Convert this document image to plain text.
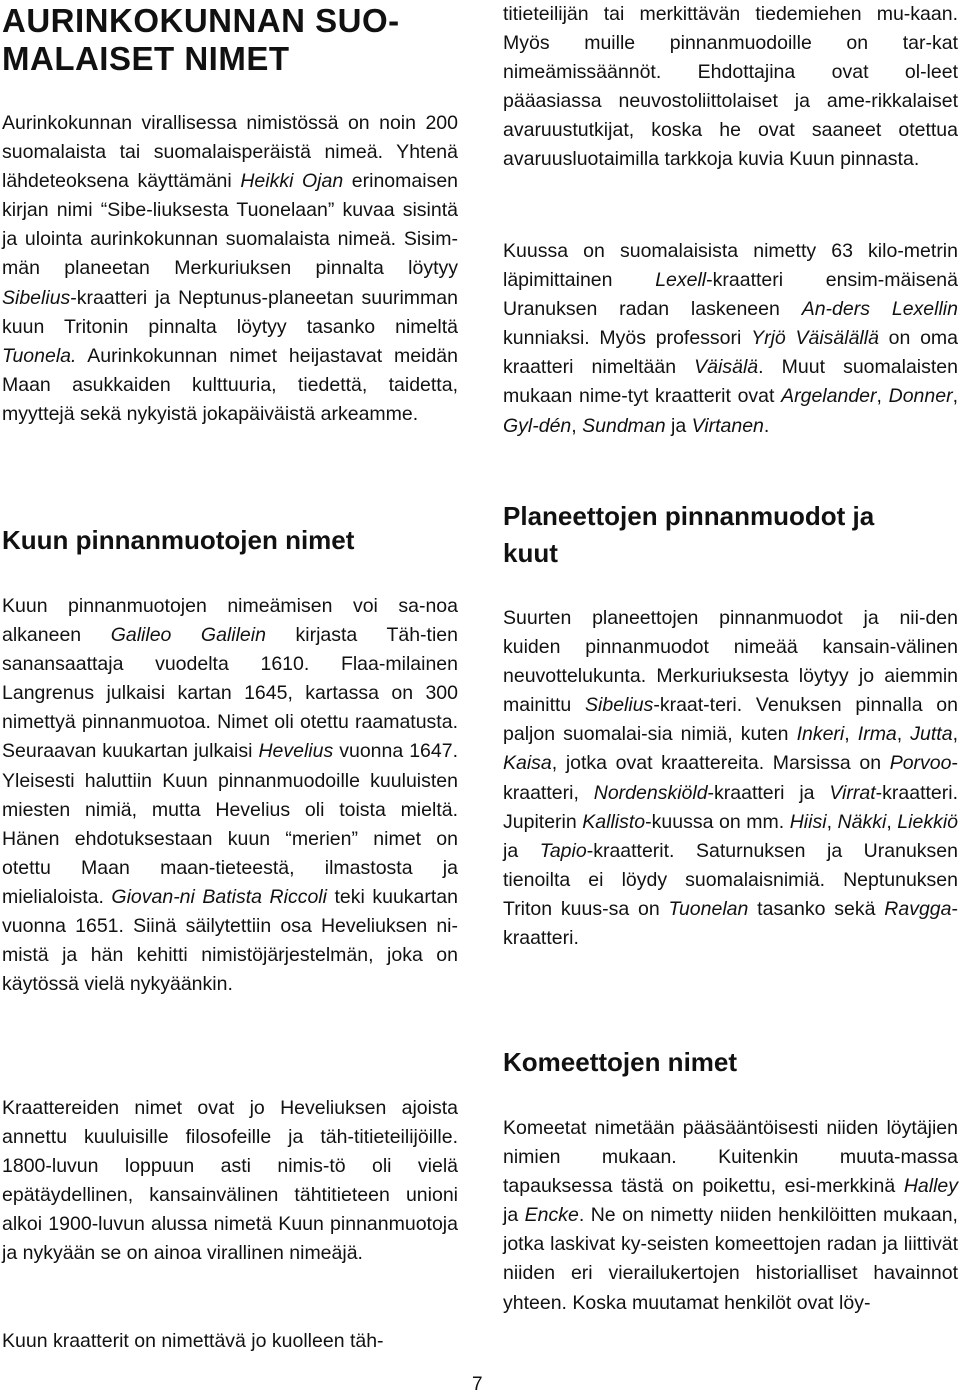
AURINKOKUNNAN SUO-
MALAISET NIMET

Aurinkokunnan virallisessa nimistössä on noin 200 suomalaista tai suomalaisperäistä nimeä. Yhtenä lähdeteoksena käyttämäni Heikki Ojan erinomaisen kirjan nimi “Sibe-liuksesta Tuonelaan” kuvaa sisintä ja ulointa aurinkokunnan suomalaista nimeä. Sisim-män planeetan Merkuriuksen pinnalta löytyy Sibelius-kraatteri ja Neptunus-planeetan suurimman kuun Tritonin pinnalta löytyy tasanko nimeltä Tuonela. Aurinkokunnan nimet heijastavat meidän Maan asukkaiden kulttuuria, tiedettä, taidetta, myyttejä sekä nykyistä jokapäiväistä arkeamme.

Kuun pinnanmuotojen nimet

Kuun pinnanmuotojen nimeämisen voi sa-noa alkaneen Galileo Galilein kirjasta Täh-tien sanansaattaja vuodelta 1610. Flaa-milainen Langrenus julkaisi kartan 1645, kartassa on 300 nimettyä pinnanmuotoa. Nimet oli otettu raamatusta. Seuraavan kuukartan julkaisi Hevelius vuonna 1647. Yleisesti haluttiin Kuun pinnanmuodoille kuuluisten miesten nimiä, mutta Hevelius oli toista mieltä. Hänen ehdotuksestaan kuun “merien” nimet on otettu Maan maan-tieteestä, ilmastosta ja mielialoista. Giovan-ni Batista Riccoli teki kuukartan vuonna 1651. Siinä säilytettiin osa Heveliuksen ni-mistä ja hän kehitti nimistöjärjestelmän, joka on käytössä vielä nykyäänkin.

Kraattereiden nimet ovat jo Heveliuksen ajoista annettu kuuluisille filosofeille ja täh-titieteilijöille. 1800-luvun loppuun asti nimis-tö oli vielä epätäydellinen, kansainvälinen tähtitieteen unioni alkoi 1900-luvun alussa nimetä Kuun pinnanmuotoja ja nykyään se on ainoa virallinen nimeäjä.

Kuun kraatterit on nimettävä jo kuolleen täh-

titieteilijän tai merkittävän tiedemiehen mu-kaan. Myös muille pinnanmuodoille on tar-kat nimeämissäännöt. Ehdottajina ovat ol-leet pääasiassa neuvostoliittolaiset ja ame-rikkalaiset avaruustutkijat, koska he ovat saaneet otettua avaruusluotaimilla tarkkoja kuvia Kuun pinnasta.

Kuussa on suomalaisista nimetty 63 kilo-metrin läpimittainen Lexell-kraatteri ensim-mäisenä Uranuksen radan laskeneen An-ders Lexellin kunniaksi. Myös professori Yrjö Väisälällä on oma kraatteri nimeltään Väisälä. Muut suomalaisten mukaan nime-tyt kraatterit ovat Argelander, Donner, Gyl-dén, Sundman ja Virtanen.

Planeettojen pinnanmuodot ja
kuut

Suurten planeettojen pinnanmuodot ja nii-den kuiden pinnanmuodot nimeää kansain-välinen neuvottelukunta. Merkuriuksesta löytyy jo aiemmin mainittu Sibelius-kraat-teri. Venuksen pinnalla on paljon suomalai-sia nimiä, kuten Inkeri, Irma, Jutta, Kaisa, jotka ovat kraattereita. Marsissa on Porvoo-kraatteri, Nordenskiöld-kraatteri ja Virrat-kraatteri. Jupiterin Kallisto-kuussa on mm. Hiisi, Näkki, Liekkiö ja Tapio-kraatterit. Saturnuksen ja Uranuksen tienoilta ei löydy suomalaisnimiä. Neptunuksen Triton kuus-sa on Tuonelan tasanko sekä Ravgga-kraatteri.

Komeettojen nimet

Komeetat nimetään pääsääntöisesti niiden löytäjien nimien mukaan. Kuitenkin muuta-massa tapauksessa tästä on poikettu, esi-merkkinä Halley ja Encke. Ne on nimetty niiden henkilöitten mukaan, jotka laskivat ky-seisten komeettojen radan ja liittivät niiden eri vierailukertojen historialliset havainnot yhteen. Koska muutamat henkilöt ovat löy-

7
